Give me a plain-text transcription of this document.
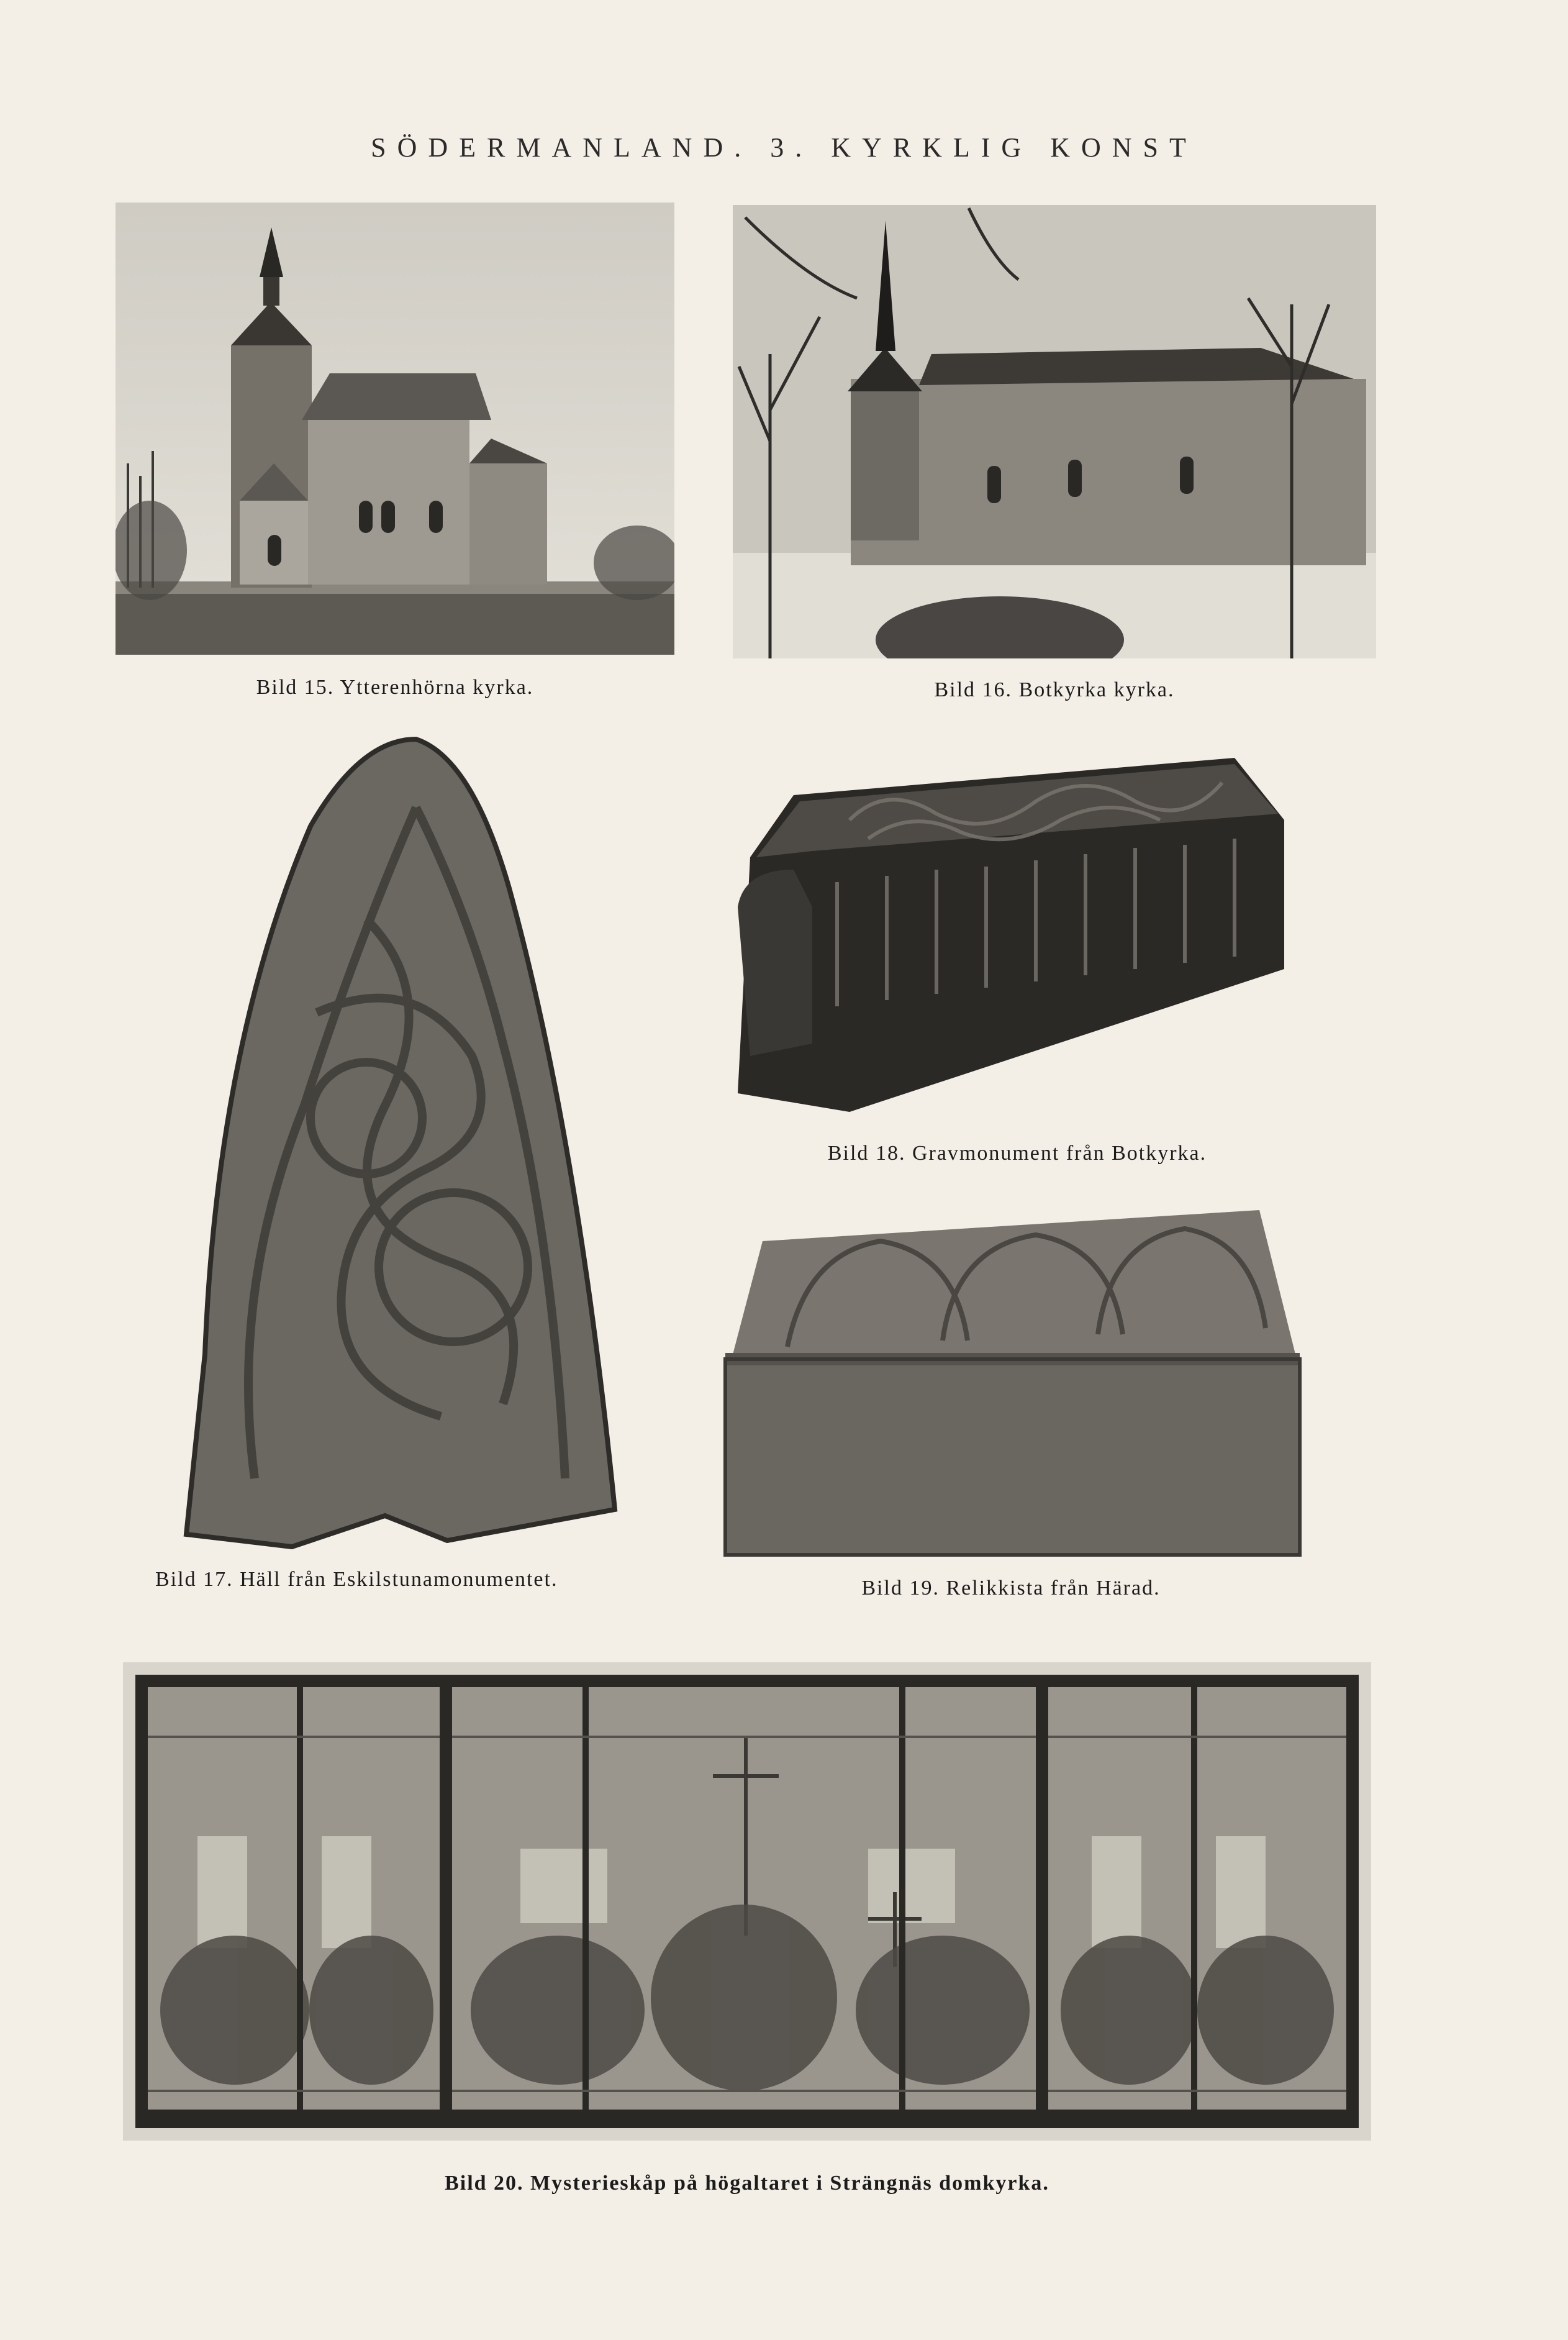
SÖDERMANLAND. 3. KYRKLIG KONST
Bild 15. Ytterenhörna kyrka.	Bild 16. Botkyrka kyrka.
Bild 17. Häll från Eskilstunamonumentet.
Bild 18. Gravmonument från Botkyrka.
Bild 19. Relikkista från Härad.
Bild 20. Mysterieskåp på högaltaret i Strängnäs domkyrka.
